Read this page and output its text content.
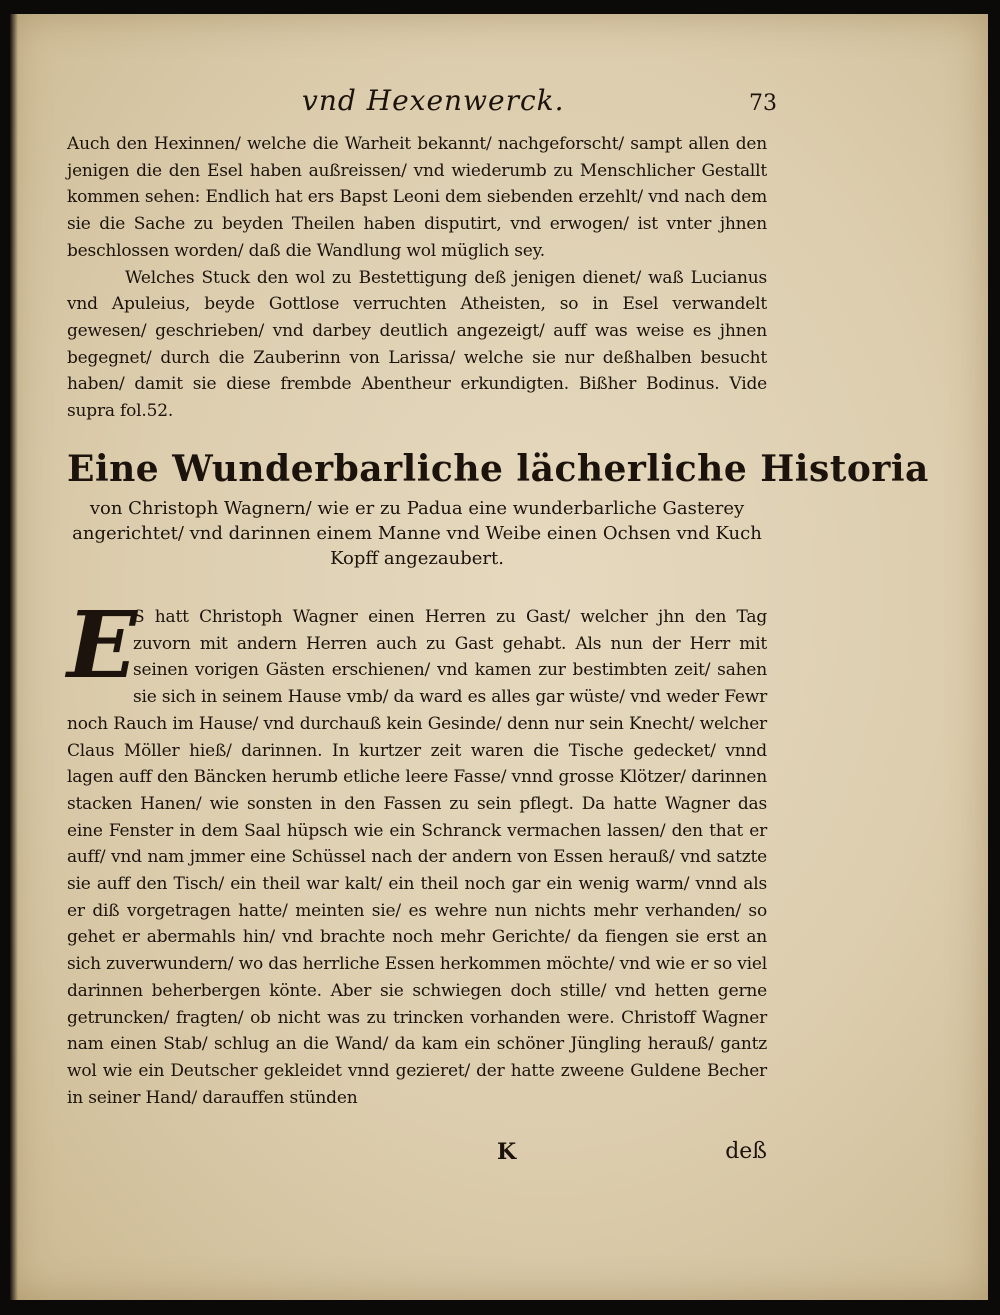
vnd Hexenwerck.	73
Auch den Hexinnen/ welche die Warheit bekannt/ nachgeforscht/ sampt allen den jenigen die den Esel haben außreissen/ vnd wiederumb zu Menschlicher Gestallt kommen sehen: Endlich hat ers Bapst Leoni dem siebenden erzehlt/ vnd nach dem sie die Sache zu beyden Theilen haben disputirt, vnd erwogen/ ist vnter jhnen beschlossen worden/ daß die Wandlung wol müglich sey.
Welches Stuck den wol zu Bestettigung deß jenigen dienet/ waß Lucianus vnd Apuleius, beyde Gottlose verruchten Atheisten, so in Esel verwandelt gewesen/ geschrieben/ vnd darbey deutlich angezeigt/ auff was weise es jhnen begegnet/ durch die Zauberinn von Larissa/ welche sie nur deßhalben besucht haben/ damit sie diese frembde Abentheur erkundigten. Bißher Bodinus. Vide supra fol.52.
Eine Wunderbarliche lächerliche Historia
von Christoph Wagnern/ wie er zu Padua eine wunderbarliche Gasterey angerichtet/ vnd darinnen einem Manne vnd Weibe einen Ochsen vnd Kuch Kopff angezaubert.
E
S hatt Christoph Wagner einen Herren zu Gast/ welcher jhn den Tag zuvorn mit andern Herren auch zu Gast gehabt. Als nun der Herr mit seinen vorigen Gästen erschienen/ vnd kamen zur bestimbten zeit/ sahen sie sich in seinem Hause vmb/ da ward es alles gar wüste/ vnd weder Fewr noch Rauch im Hause/ vnd durchauß kein Gesinde/ denn nur sein Knecht/ welcher Claus Möller hieß/ darinnen. In kurtzer zeit waren die Tische gedecket/ vnnd lagen auff den Bäncken herumb etliche leere Fasse/ vnnd grosse Klötzer/ darinnen stacken Hanen/ wie sonsten in den Fassen zu sein pflegt. Da hatte Wagner das eine Fenster in dem Saal hüpsch wie ein Schranck vermachen lassen/ den that er auff/ vnd nam jmmer eine Schüssel nach der andern von Essen herauß/ vnd satzte sie auff den Tisch/ ein theil war kalt/ ein theil noch gar ein wenig warm/ vnnd als er diß vorgetragen hatte/ meinten sie/ es wehre nun nichts mehr verhanden/ so gehet er abermahls hin/ vnd brachte noch mehr Gerichte/ da fiengen sie erst an sich zuverwundern/ wo das herrliche Essen herkommen möchte/ vnd wie er so viel darinnen beherbergen könte. Aber sie schwiegen doch stille/ vnd hetten gerne getruncken/ fragten/ ob nicht was zu trincken vorhanden were. Christoff Wagner nam einen Stab/ schlug an die Wand/ da kam ein schöner Jüngling herauß/ gantz wol wie ein Deutscher gekleidet vnnd gezieret/ der hatte zweene Guldene Becher in seiner Hand/ darauffen stünden
K	deß
